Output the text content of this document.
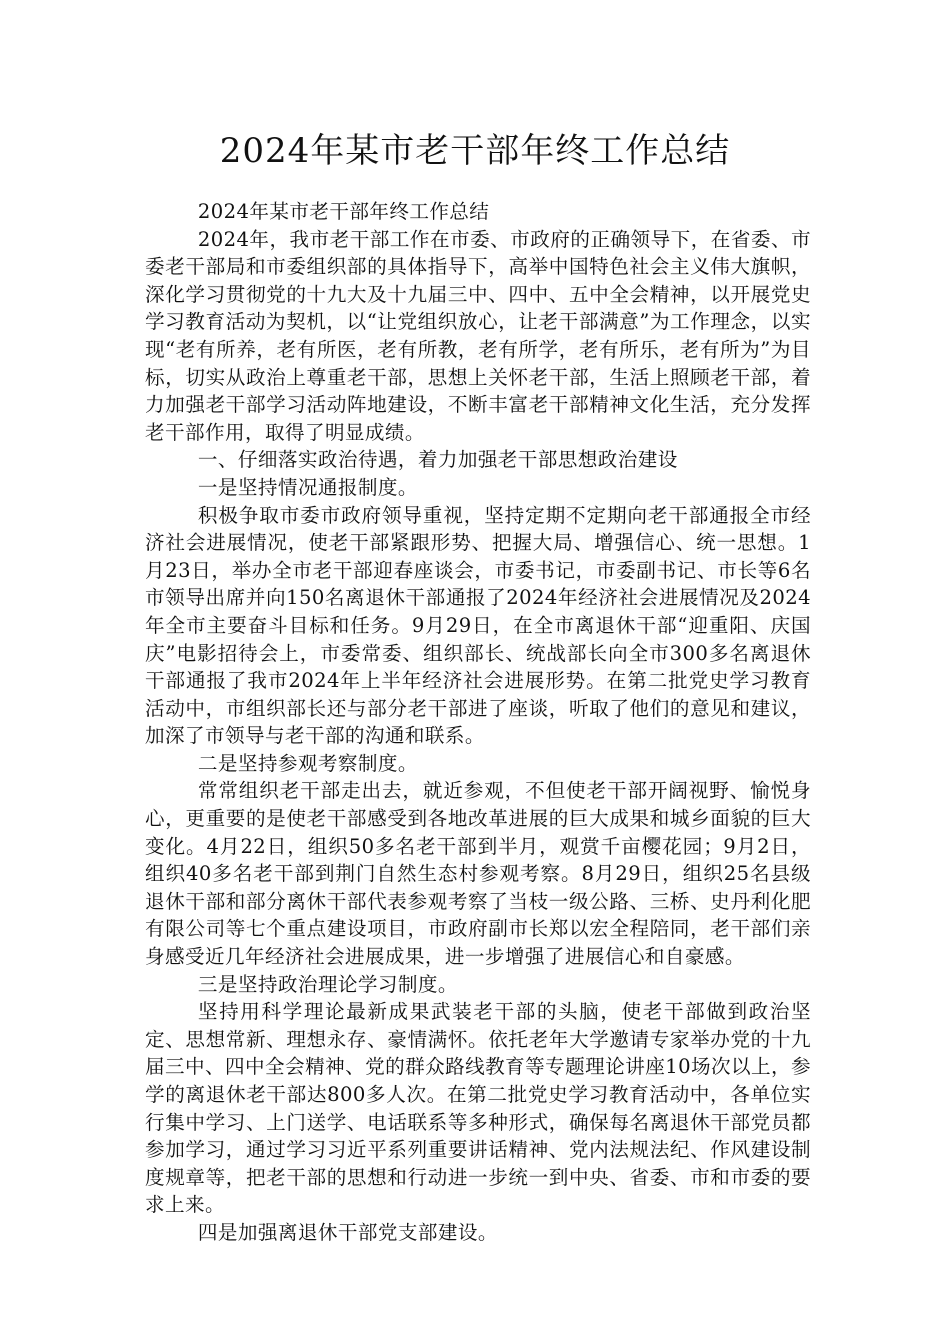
2024年某市老干部年终工作总结

2024年某市老干部年终工作总结

2024年，我市老干部工作在市委、市政府的正确领导下，在省委、市委老干部局和市委组织部的具体指导下，高举中国特色社会主义伟大旗帜，深化学习贯彻党的十九大及十九届三中、四中、五中全会精神，以开展党史学习教育活动为契机，以“让党组织放心，让老干部满意”为工作理念，以实现“老有所养，老有所医，老有所教，老有所学，老有所乐，老有所为”为目标，切实从政治上尊重老干部，思想上关怀老干部，生活上照顾老干部，着力加强老干部学习活动阵地建设，不断丰富老干部精神文化生活，充分发挥老干部作用，取得了明显成绩。

一、仔细落实政治待遇，着力加强老干部思想政治建设

一是坚持情况通报制度。

积极争取市委市政府领导重视，坚持定期不定期向老干部通报全市经济社会进展情况，使老干部紧跟形势、把握大局、增强信心、统一思想。1月23日，举办全市老干部迎春座谈会，市委书记，市委副书记、市长等6名市领导出席并向150名离退休干部通报了2024年经济社会进展情况及2024年全市主要奋斗目标和任务。9月29日，在全市离退休干部“迎重阳、庆国庆”电影招待会上，市委常委、组织部长、统战部长向全市300多名离退休干部通报了我市2024年上半年经济社会进展形势。在第二批党史学习教育活动中，市组织部长还与部分老干部进了座谈，听取了他们的意见和建议，加深了市领导与老干部的沟通和联系。

二是坚持参观考察制度。

常常组织老干部走出去，就近参观，不但使老干部开阔视野、愉悦身心，更重要的是使老干部感受到各地改革进展的巨大成果和城乡面貌的巨大变化。4月22日，组织50多名老干部到半月，观赏千亩樱花园；9月2日，组织40多名老干部到荆门自然生态村参观考察。8月29日，组织25名县级退休干部和部分离休干部代表参观考察了当枝一级公路、三桥、史丹利化肥有限公司等七个重点建设项目，市政府副市长郑以宏全程陪同，老干部们亲身感受近几年经济社会进展成果，进一步增强了进展信心和自豪感。

三是坚持政治理论学习制度。

坚持用科学理论最新成果武装老干部的头脑，使老干部做到政治坚定、思想常新、理想永存、豪情满怀。依托老年大学邀请专家举办党的十九届三中、四中全会精神、党的群众路线教育等专题理论讲座10场次以上，参学的离退休老干部达800多人次。在第二批党史学习教育活动中，各单位实行集中学习、上门送学、电话联系等多种形式，确保每名离退休干部党员都参加学习，通过学习习近平系列重要讲话精神、党内法规法纪、作风建设制度规章等，把老干部的思想和行动进一步统一到中央、省委、市和市委的要求上来。

四是加强离退休干部党支部建设。
